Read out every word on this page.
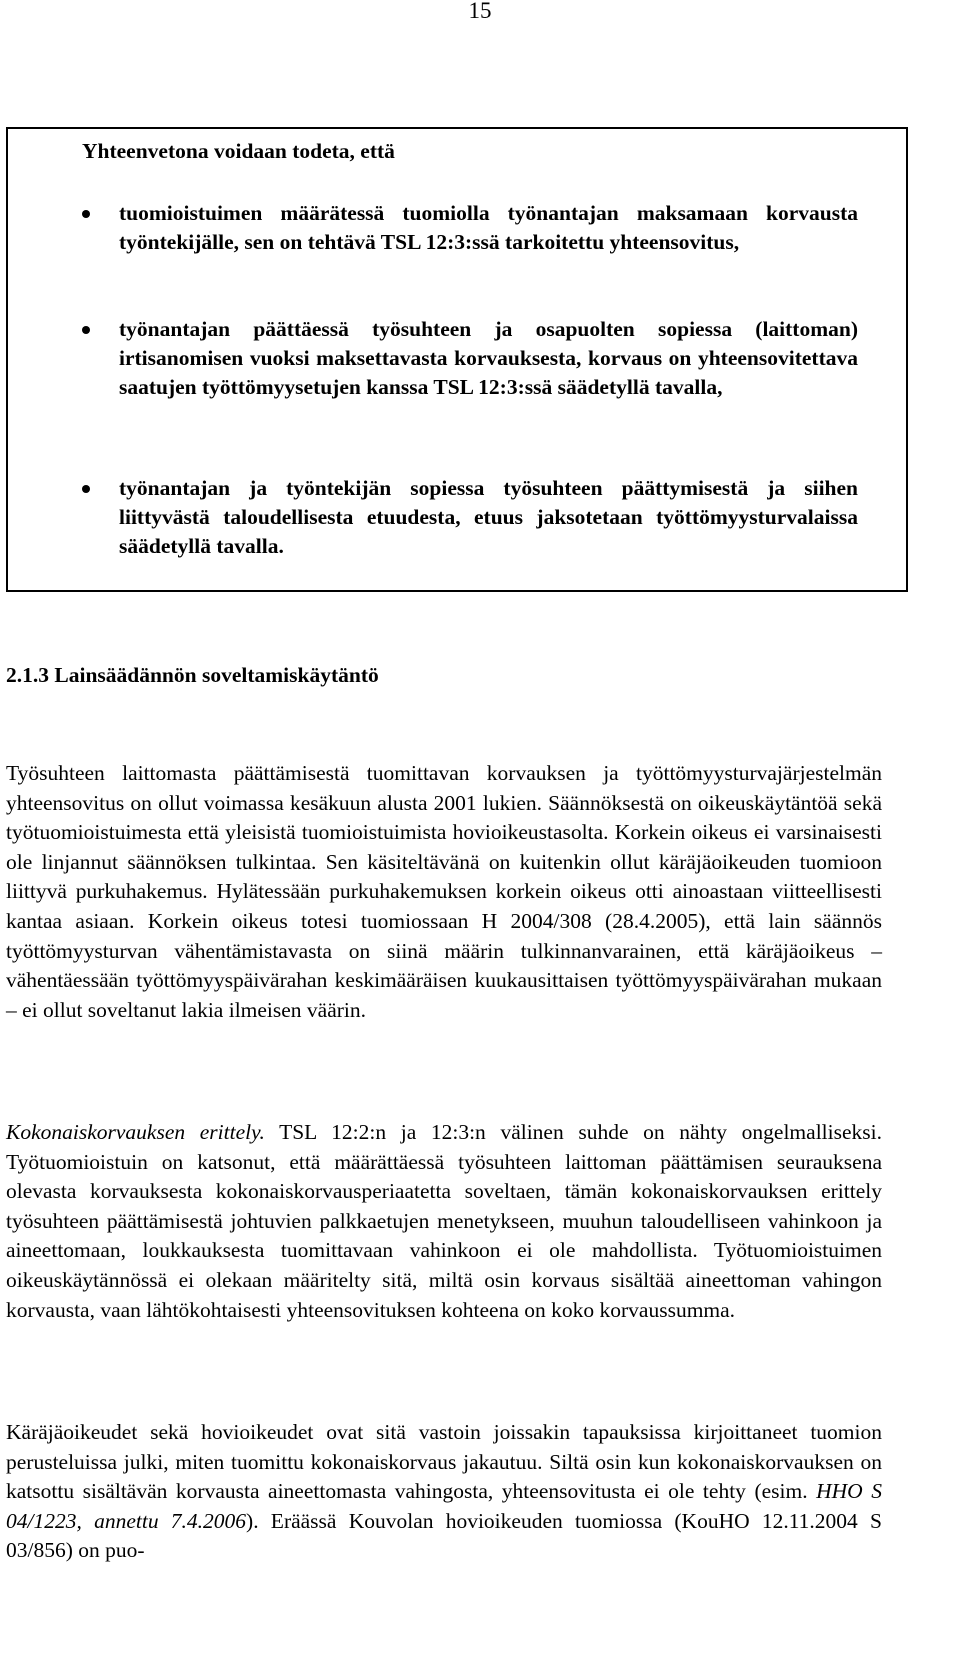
15
Yhteenvetona voidaan todeta, että
tuomioistuimen määrätessä tuomiolla työnantajan maksamaan korvausta työntekijälle, sen on tehtävä TSL 12:3:ssä tarkoitettu yhteensovitus,
työnantajan päättäessä työsuhteen ja osapuolten sopiessa (laittoman) irtisanomisen vuoksi maksettavasta korvauksesta, korvaus on yhteensovitettava saatujen työttömyysetujen kanssa TSL 12:3:ssä säädetyllä tavalla,
työnantajan ja työntekijän sopiessa työsuhteen päättymisestä ja siihen liittyvästä taloudellisesta etuudesta, etuus jaksotetaan työttömyysturvalaissa säädetyllä tavalla.
2.1.3 Lainsäädännön soveltamiskäytäntö

Työsuhteen laittomasta päättämisestä tuomittavan korvauksen ja työttömyysturvajärjestelmän yhteensovitus on ollut voimassa kesäkuun alusta 2001 lukien. Säännöksestä on oikeuskäytäntöä sekä työtuomioistuimesta että yleisistä tuomioistuimista hovioikeustasolta. Korkein oikeus ei varsinaisesti ole linjannut säännöksen tulkintaa. Sen käsiteltävänä on kuitenkin ollut käräjäoikeuden tuomioon liittyvä purkuhakemus. Hylätessään purkuhakemuksen korkein oikeus otti ainoastaan viitteellisesti kantaa asiaan. Korkein oikeus totesi tuomiossaan H 2004/308 (28.4.2005), että lain säännös työttömyysturvan vähentämistavasta on siinä määrin tulkinnanvarainen, että käräjäoikeus – vähentäessään työttömyyspäivärahan keskimääräisen kuukausittaisen työttömyyspäivärahan mukaan – ei ollut soveltanut lakia ilmeisen väärin.

Kokonaiskorvauksen erittely. TSL 12:2:n ja 12:3:n välinen suhde on nähty ongelmalliseksi. Työtuomioistuin on katsonut, että määrättäessä työsuhteen laittoman päättämisen seurauksena olevasta korvauksesta kokonaiskorvausperiaatetta soveltaen, tämän kokonaiskorvauksen erittely työsuhteen päättämisestä johtuvien palkkaetujen menetykseen, muuhun taloudelliseen vahinkoon ja aineettomaan, loukkauksesta tuomittavaan vahinkoon ei ole mahdollista. Työtuomioistuimen oikeuskäytännössä ei olekaan määritelty sitä, miltä osin korvaus sisältää aineettoman vahingon korvausta, vaan lähtökohtaisesti yhteensovituksen kohteena on koko korvaussumma.

Käräjäoikeudet sekä hovioikeudet ovat sitä vastoin joissakin tapauksissa kirjoittaneet tuomion perusteluissa julki, miten tuomittu kokonaiskorvaus jakautuu. Siltä osin kun kokonaiskorvauksen on katsottu sisältävän korvausta aineettomasta vahingosta, yhteensovitusta ei ole tehty (esim. HHO S 04/1223, annettu 7.4.2006). Eräässä Kouvolan hovioikeuden tuomiossa (KouHO 12.11.2004 S 03/856) on puo-
